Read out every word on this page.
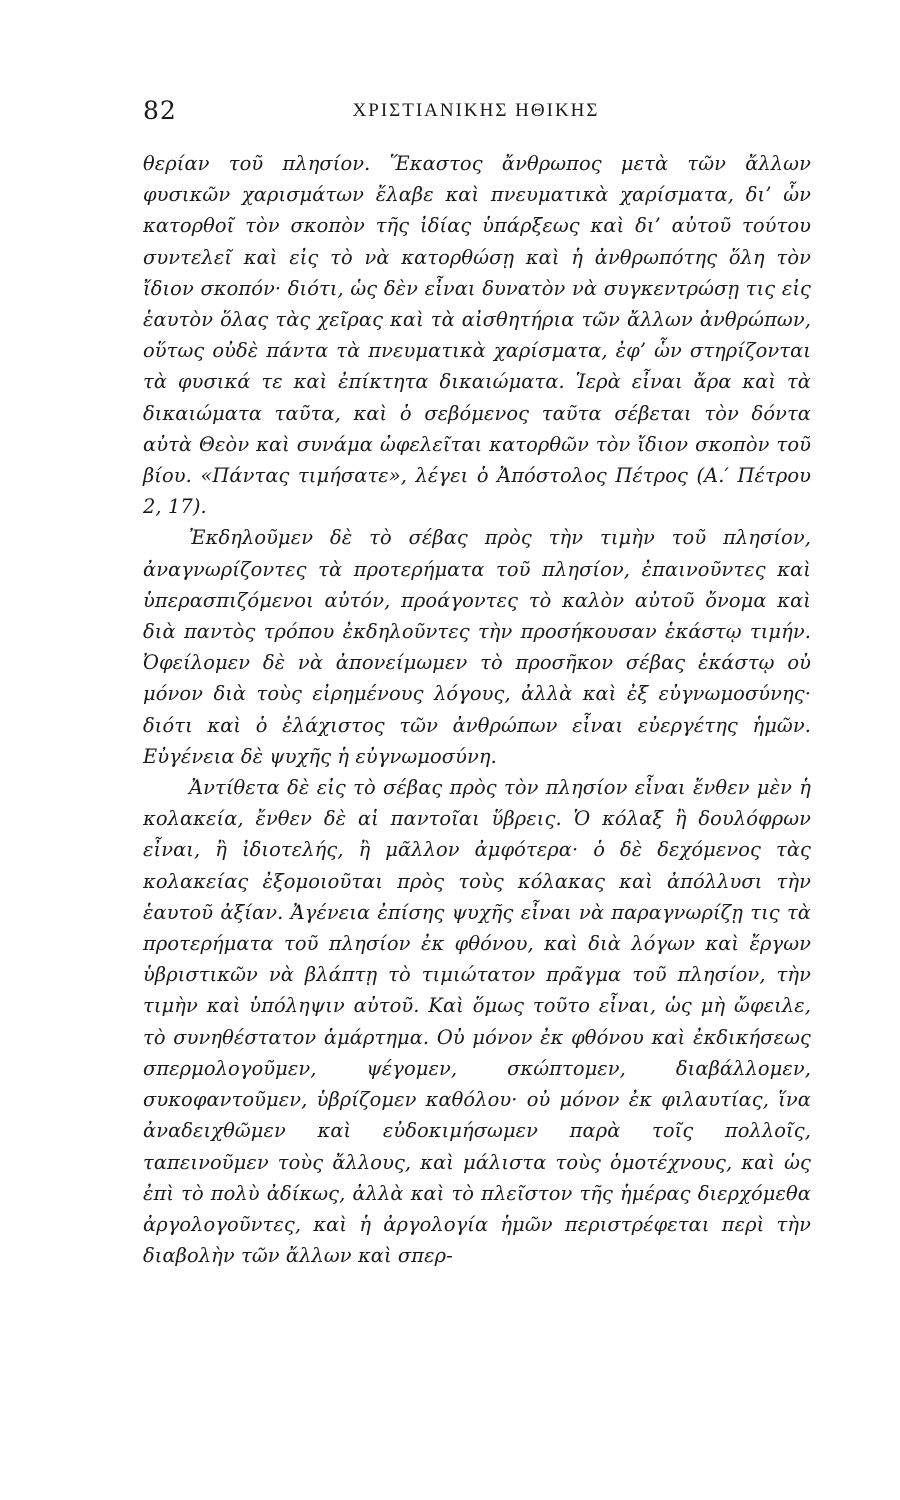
82	ΧΡΙΣΤΙΑΝΙΚΗΣ ΗΘΙΚΗΣ

θερίαν τοῦ πλησίον. Ἕκαστος ἄνθρωπος μετὰ τῶν ἄλλων φυσικῶν χαρισμάτων ἔλαβε καὶ πνευματικὰ χαρίσματα, δι’ ὧν κατορθοῖ τὸν σκοπὸν τῆς ἰδίας ὑπάρξεως καὶ δι’ αὐτοῦ τούτου συντελεῖ καὶ εἰς τὸ νὰ κατορθώσῃ καὶ ἡ ἀνθρωπότης ὅλη τὸν ἴδιον σκοπόν· διότι, ὡς δὲν εἶναι δυνατὸν νὰ συγκεντρώσῃ τις εἰς ἑαυτὸν ὅλας τὰς χεῖρας καὶ τὰ αἰσθητήρια τῶν ἄλλων ἀνθρώπων, οὕτως οὐδὲ πάντα τὰ πνευματικὰ χαρίσματα, ἐφ’ ὧν στηρίζονται τὰ φυσικά τε καὶ ἐπίκτητα δικαιώματα. Ἱερὰ εἶναι ἄρα καὶ τὰ δικαιώματα ταῦτα, καὶ ὁ σεβόμενος ταῦτα σέβεται τὸν δόντα αὐτὰ Θεὸν καὶ συνάμα ὠφελεῖται κατορθῶν τὸν ἴδιον σκοπὸν τοῦ βίου. «Πάντας τιμήσατε», λέγει ὁ Ἀπόστολος Πέτρος (Α.′ Πέτρου 2, 17).

Ἐκδηλοῦμεν δὲ τὸ σέβας πρὸς τὴν τιμὴν τοῦ πλησίον, ἀναγνωρίζοντες τὰ προτερήματα τοῦ πλησίον, ἐπαινοῦντες καὶ ὑπερασπιζόμενοι αὐτόν, προάγοντες τὸ καλὸν αὐτοῦ ὄνομα καὶ διὰ παντὸς τρόπου ἐκδηλοῦντες τὴν προσήκουσαν ἑκάστῳ τιμήν. Ὀφείλομεν δὲ νὰ ἀπονείμωμεν τὸ προσῆκον σέβας ἑκάστῳ οὐ μόνον διὰ τοὺς εἰρημένους λόγους, ἀλλὰ καὶ ἐξ εὐγνωμοσύνης· διότι καὶ ὁ ἐλάχιστος τῶν ἀνθρώπων εἶναι εὐεργέτης ἡμῶν. Εὐγένεια δὲ ψυχῆς ἡ εὐγνωμοσύνη.

Ἀντίθετα δὲ εἰς τὸ σέβας πρὸς τὸν πλησίον εἶναι ἔνθεν μὲν ἡ κολακεία, ἔνθεν δὲ αἱ παντοῖαι ὕβρεις. Ὁ κόλαξ ἢ δουλόφρων εἶναι, ἢ ἰδιοτελής, ἢ μᾶλλον ἀμφότερα· ὁ δὲ δεχόμενος τὰς κολακείας ἐξομοιοῦται πρὸς τοὺς κόλακας καὶ ἀπόλλυσι τὴν ἑαυτοῦ ἀξίαν. Ἀγένεια ἐπίσης ψυχῆς εἶναι νὰ παραγνωρίζῃ τις τὰ προτερήματα τοῦ πλησίον ἐκ φθόνου, καὶ διὰ λόγων καὶ ἔργων ὑβριστικῶν νὰ βλάπτῃ τὸ τιμιώτατον πρᾶγμα τοῦ πλησίον, τὴν τιμὴν καὶ ὑπόληψιν αὐτοῦ. Καὶ ὅμως τοῦτο εἶναι, ὡς μὴ ὤφειλε, τὸ συνηθέστατον ἁμάρτημα. Οὐ μόνον ἐκ φθόνου καὶ ἐκδικήσεως σπερμολογοῦμεν, ψέγομεν, σκώπτομεν, διαβάλλομεν, συκοφαντοῦμεν, ὑβρίζομεν καθόλου· οὐ μόνον ἐκ φιλαυτίας, ἵνα ἀναδειχθῶμεν καὶ εὐδοκιμήσωμεν παρὰ τοῖς πολλοῖς, ταπεινοῦμεν τοὺς ἄλλους, καὶ μάλιστα τοὺς ὁμοτέχνους, καὶ ὡς ἐπὶ τὸ πολὺ ἀδίκως, ἀλλὰ καὶ τὸ πλεῖστον τῆς ἡμέρας διερχόμεθα ἀργολογοῦντες, καὶ ἡ ἀργολογία ἡμῶν περιστρέφεται περὶ τὴν διαβολὴν τῶν ἄλλων καὶ σπερ-
